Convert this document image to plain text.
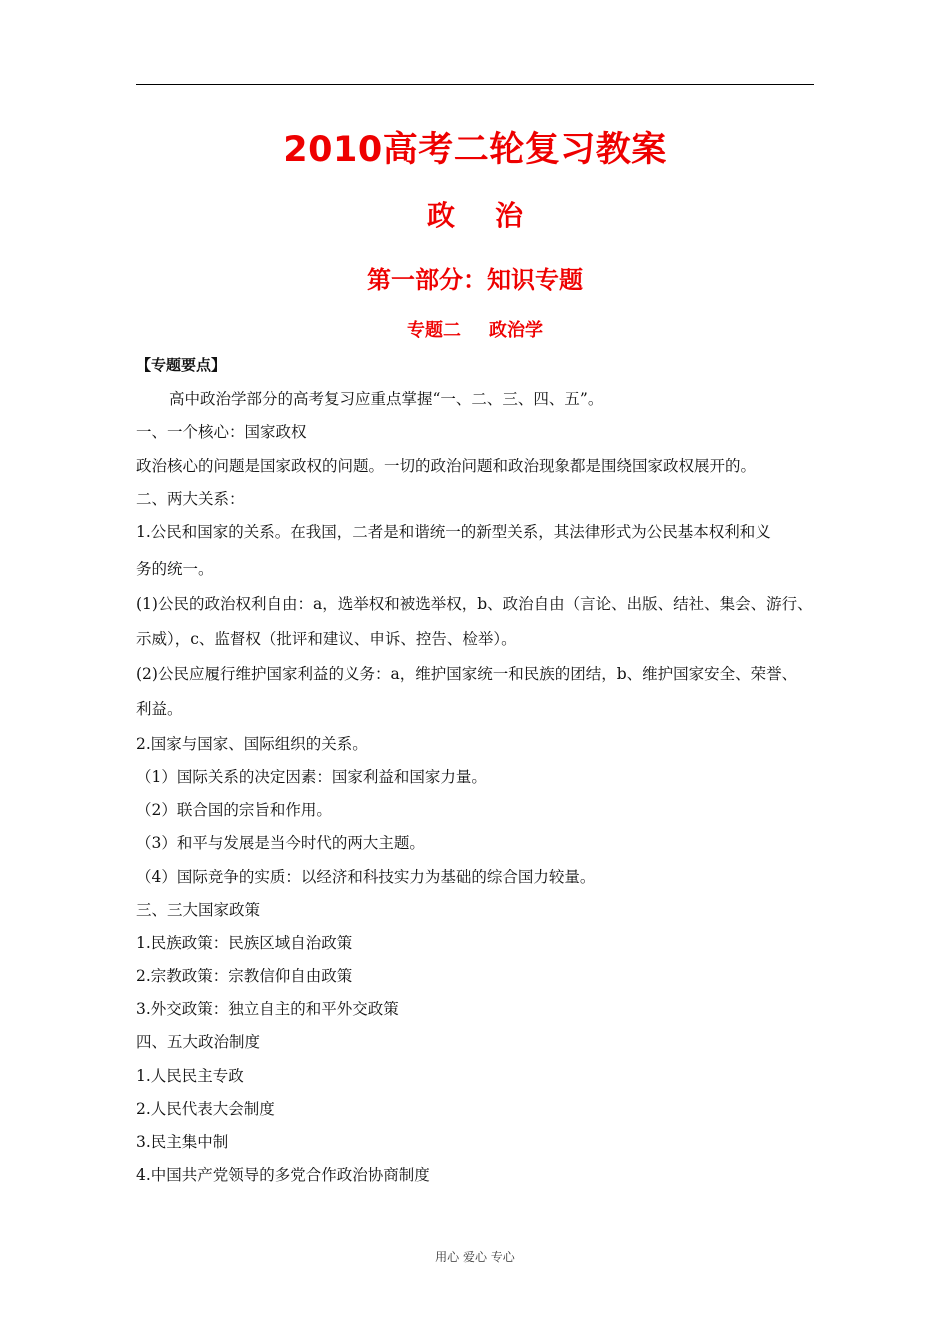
2010高考二轮复习教案
政 治
第一部分：知识专题
专题二 政治学
【专题要点】
高中政治学部分的高考复习应重点掌握“一、二、三、四、五”。
一、一个核心：国家政权
政治核心的问题是国家政权的问题。一切的政治问题和政治现象都是围绕国家政权展开的。
二、两大关系：
1.公民和国家的关系。在我国，二者是和谐统一的新型关系，其法律形式为公民基本权利和义
务的统一。
(1)公民的政治权利自由：a，选举权和被选举权，b、政治自由（言论、出版、结社、集会、游行、
示威），c、监督权（批评和建议、申诉、控告、检举）。
(2)公民应履行维护国家利益的义务：a，维护国家统一和民族的团结，b、维护国家安全、荣誉、
利益。
2.国家与国家、国际组织的关系。
（1）国际关系的决定因素：国家利益和国家力量。
（2）联合国的宗旨和作用。
（3）和平与发展是当今时代的两大主题。
（4）国际竞争的实质：以经济和科技实力为基础的综合国力较量。
三、三大国家政策
1.民族政策：民族区域自治政策
2.宗教政策：宗教信仰自由政策
3.外交政策：独立自主的和平外交政策
四、五大政治制度
1.人民民主专政
2.人民代表大会制度
3.民主集中制
4.中国共产党领导的多党合作政治协商制度
用心 爱心 专心
